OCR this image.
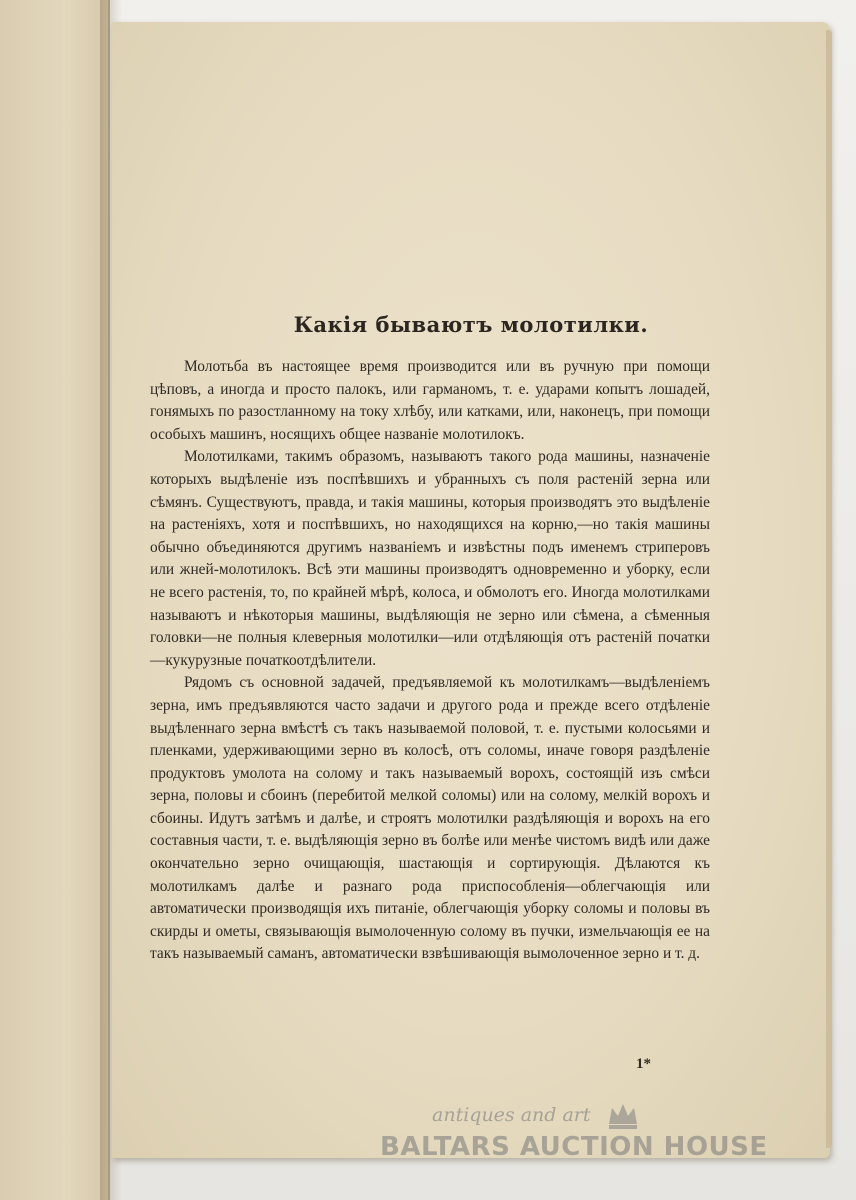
Какія бываютъ молотилки.

Молотьба въ настоящее время производится или въ ручную при помощи цѣповъ, а иногда и просто палокъ, или гарманомъ, т. е. ударами копытъ лошадей, гонямыхъ по разостланному на току хлѣбу, или катками, или, наконецъ, при помощи особыхъ машинъ, носящихъ общее названіе молотилокъ.

Молотилками, такимъ образомъ, называютъ такого рода машины, назначеніе которыхъ выдѣленіе изъ поспѣвшихъ и убранныхъ съ поля растеній зерна или сѣмянъ. Существуютъ, правда, и такія машины, которыя производятъ это выдѣленіе на растеніяхъ, хотя и поспѣвшихъ, но находящихся на корню,—но такія машины обычно объединяются другимъ названіемъ и извѣстны подъ именемъ стриперовъ или жней-молотилокъ. Всѣ эти машины производятъ одновременно и уборку, если не всего растенія, то, по крайней мѣрѣ, колоса, и обмолотъ его. Иногда молотилками называютъ и нѣкоторыя машины, выдѣляющія не зерно или сѣмена, а сѣменныя головки—не полныя клеверныя молотилки—или отдѣляющія отъ растеній початки—кукурузные початкоотдѣлители.

Рядомъ съ основной задачей, предъявляемой къ молотилкамъ—выдѣленіемъ зерна, имъ предъявляются часто задачи и другого рода и прежде всего отдѣленіе выдѣленнаго зерна вмѣстѣ съ такъ называемой половой, т. е. пустыми колосьями и пленками, удерживающими зерно въ колосѣ, отъ соломы, иначе говоря раздѣленіе продуктовъ умолота на солому и такъ называемый ворохъ, состоящій изъ смѣси зерна, половы и сбоинъ (перебитой мелкой соломы) или на солому, мелкій ворохъ и сбоины. Идутъ затѣмъ и далѣе, и строятъ молотилки раздѣляющія и ворохъ на его составныя части, т. е. выдѣляющія зерно въ болѣе или менѣе чистомъ видѣ или даже окончательно зерно очищающія, шастающія и сортирующія. Дѣлаются къ молотилкамъ далѣе и разнаго рода приспособленія—облегчающія или автоматически производящія ихъ питаніе, облегчающія уборку соломы и половы въ скирды и ометы, связывающія вымолоченную солому въ пучки, измельчающія ее на такъ называемый саманъ, автоматически взвѣшивающія вымолоченное зерно и т. д.

1*
antiques and art
BALTARS AUCTION HOUSE
